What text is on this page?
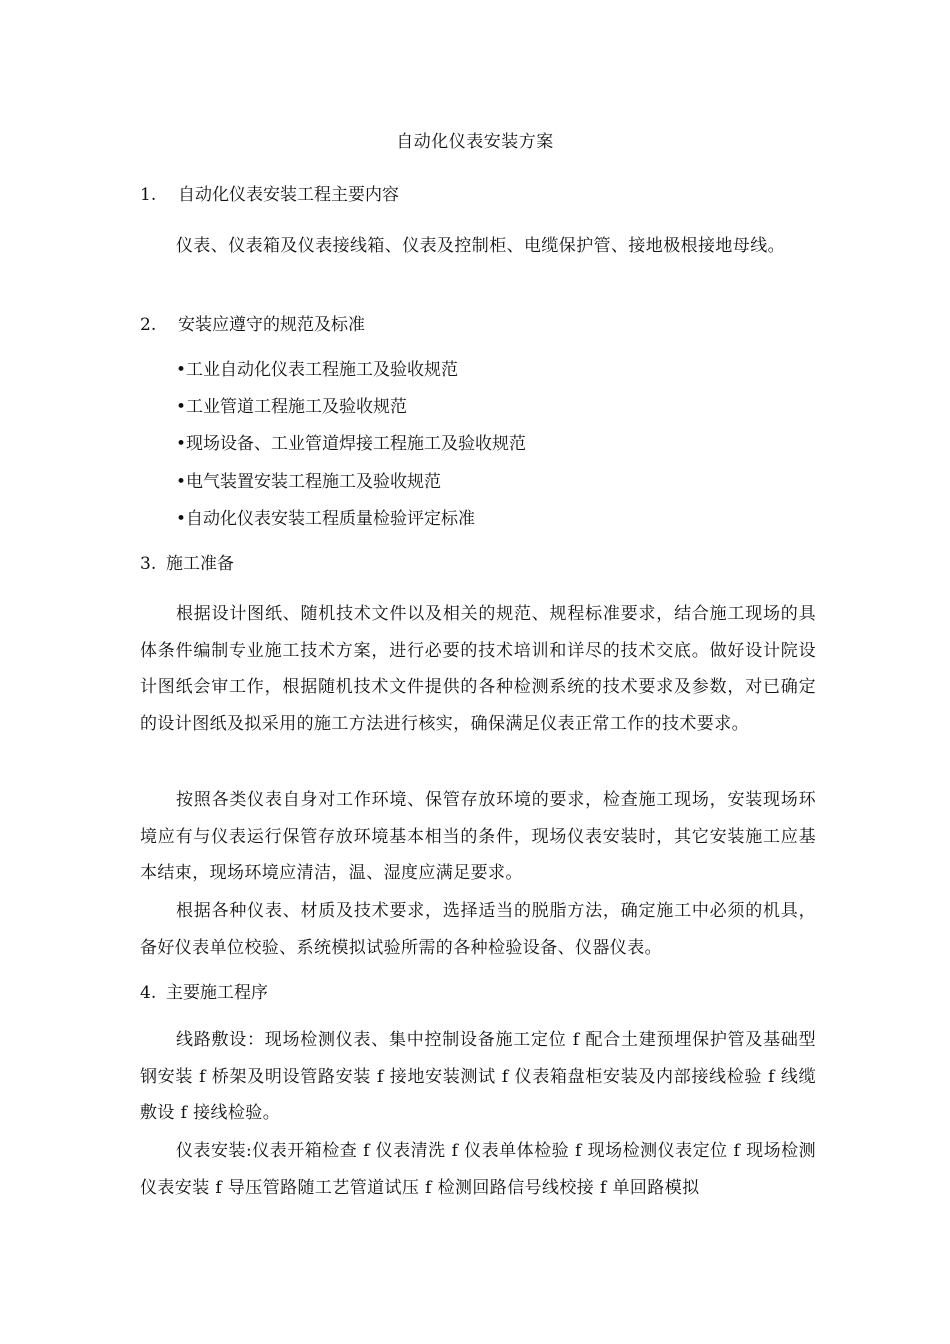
自动化仪表安装方案
1. 自动化仪表安装工程主要内容
仪表、仪表箱及仪表接线箱、仪表及控制柜、电缆保护管、接地极根接地母线。
2. 安装应遵守的规范及标准
•工业自动化仪表工程施工及验收规范
•工业管道工程施工及验收规范
•现场设备、工业管道焊接工程施工及验收规范
•电气装置安装工程施工及验收规范
•自动化仪表安装工程质量检验评定标准
3. 施工准备
根据设计图纸、随机技术文件以及相关的规范、规程标准要求，结合施工现场的具体条件编制专业施工技术方案，进行必要的技术培训和详尽的技术交底。做好设计院设计图纸会审工作，根据随机技术文件提供的各种检测系统的技术要求及参数，对已确定的设计图纸及拟采用的施工方法进行核实，确保满足仪表正常工作的技术要求。
按照各类仪表自身对工作环境、保管存放环境的要求，检查施工现场，安装现场环境应有与仪表运行保管存放环境基本相当的条件，现场仪表安装时，其它安装施工应基本结束，现场环境应清洁，温、湿度应满足要求。
根据各种仪表、材质及技术要求，选择适当的脱脂方法，确定施工中必须的机具，备好仪表单位校验、系统模拟试验所需的各种检验设备、仪器仪表。
4. 主要施工程序
线路敷设：现场检测仪表、集中控制设备施工定位 f 配合土建预埋保护管及基础型钢安装 f 桥架及明设管路安装 f 接地安装测试 f 仪表箱盘柜安装及内部接线检验 f 线缆敷设 f 接线检验。
仪表安装:仪表开箱检查 f 仪表清洗 f 仪表单体检验 f 现场检测仪表定位 f 现场检测仪表安装 f 导压管路随工艺管道试压 f 检测回路信号线校接 f 单回路模拟
